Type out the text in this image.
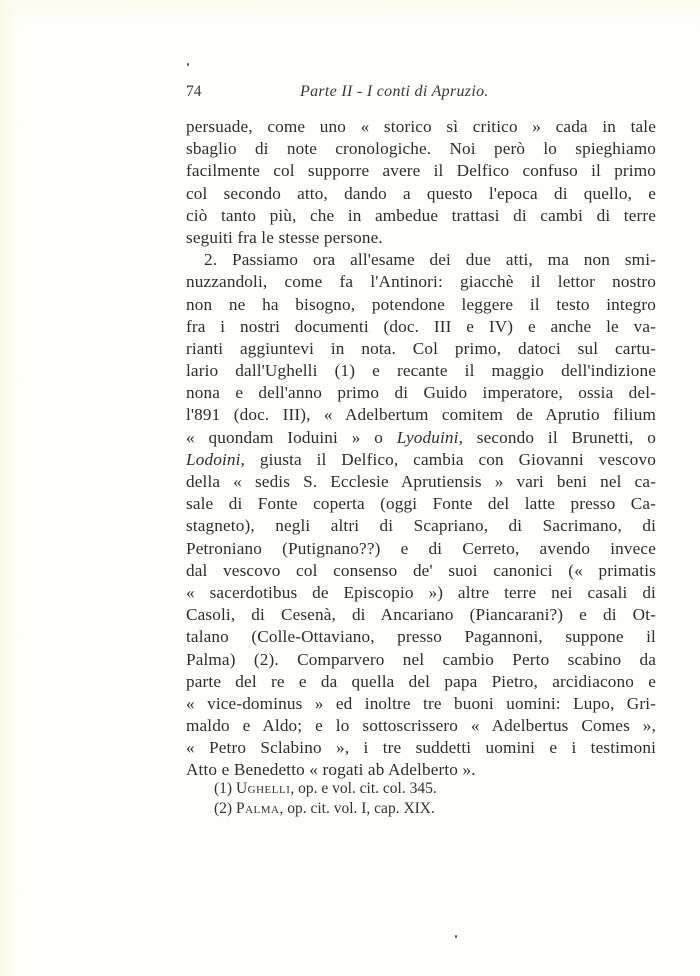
74	Parte II - I conti di Apruzio.
persuade, come uno « storico sì critico » cada in tale
sbaglio di note cronologiche. Noi però lo spieghiamo
facilmente col supporre avere il Delfico confuso il primo
col secondo atto, dando a questo l'epoca di quello, e
ciò tanto più, che in ambedue trattasi di cambi di terre
seguiti fra le stesse persone.
2. Passiamo ora all'esame dei due atti, ma non smi-
nuzzandoli, come fa l'Antinori: giacchè il lettor nostro
non ne ha bisogno, potendone leggere il testo integro
fra i nostri documenti (doc. III e IV) e anche le va-
rianti aggiuntevi in nota. Col primo, datoci sul cartu-
lario dall'Ughelli (1) e recante il maggio dell'indizione
nona e dell'anno primo di Guido imperatore, ossia del-
l'891 (doc. III), « Adelbertum comitem de Aprutio filium
« quondam Ioduini » o Lyoduini, secondo il Brunetti, o
Lodoini, giusta il Delfico, cambia con Giovanni vescovo
della « sedis S. Ecclesie Aprutiensis » vari beni nel ca-
sale di Fonte coperta (oggi Fonte del latte presso Ca-
stagneto), negli altri di Scapriano, di Sacrimano, di
Petroniano (Putignano??) e di Cerreto, avendo invece
dal vescovo col consenso de' suoi canonici (« primatis
« sacerdotibus de Episcopio ») altre terre nei casali di
Casoli, di Cesenà, di Ancariano (Piancarani?) e di Ot-
talano (Colle-Ottaviano, presso Pagannoni, suppone il
Palma) (2). Comparvero nel cambio Perto scabino da
parte del re e da quella del papa Pietro, arcidiacono e
« vice-dominus » ed inoltre tre buoni uomini: Lupo, Gri-
maldo e Aldo; e lo sottoscrissero « Adelbertus Comes »,
« Petro Sclabino », i tre suddetti uomini e i testimoni
Atto e Benedetto « rogati ab Adelberto ».
(1) Ughelli, op. e vol. cit. col. 345.
(2) Palma, op. cit. vol. I, cap. XIX.
